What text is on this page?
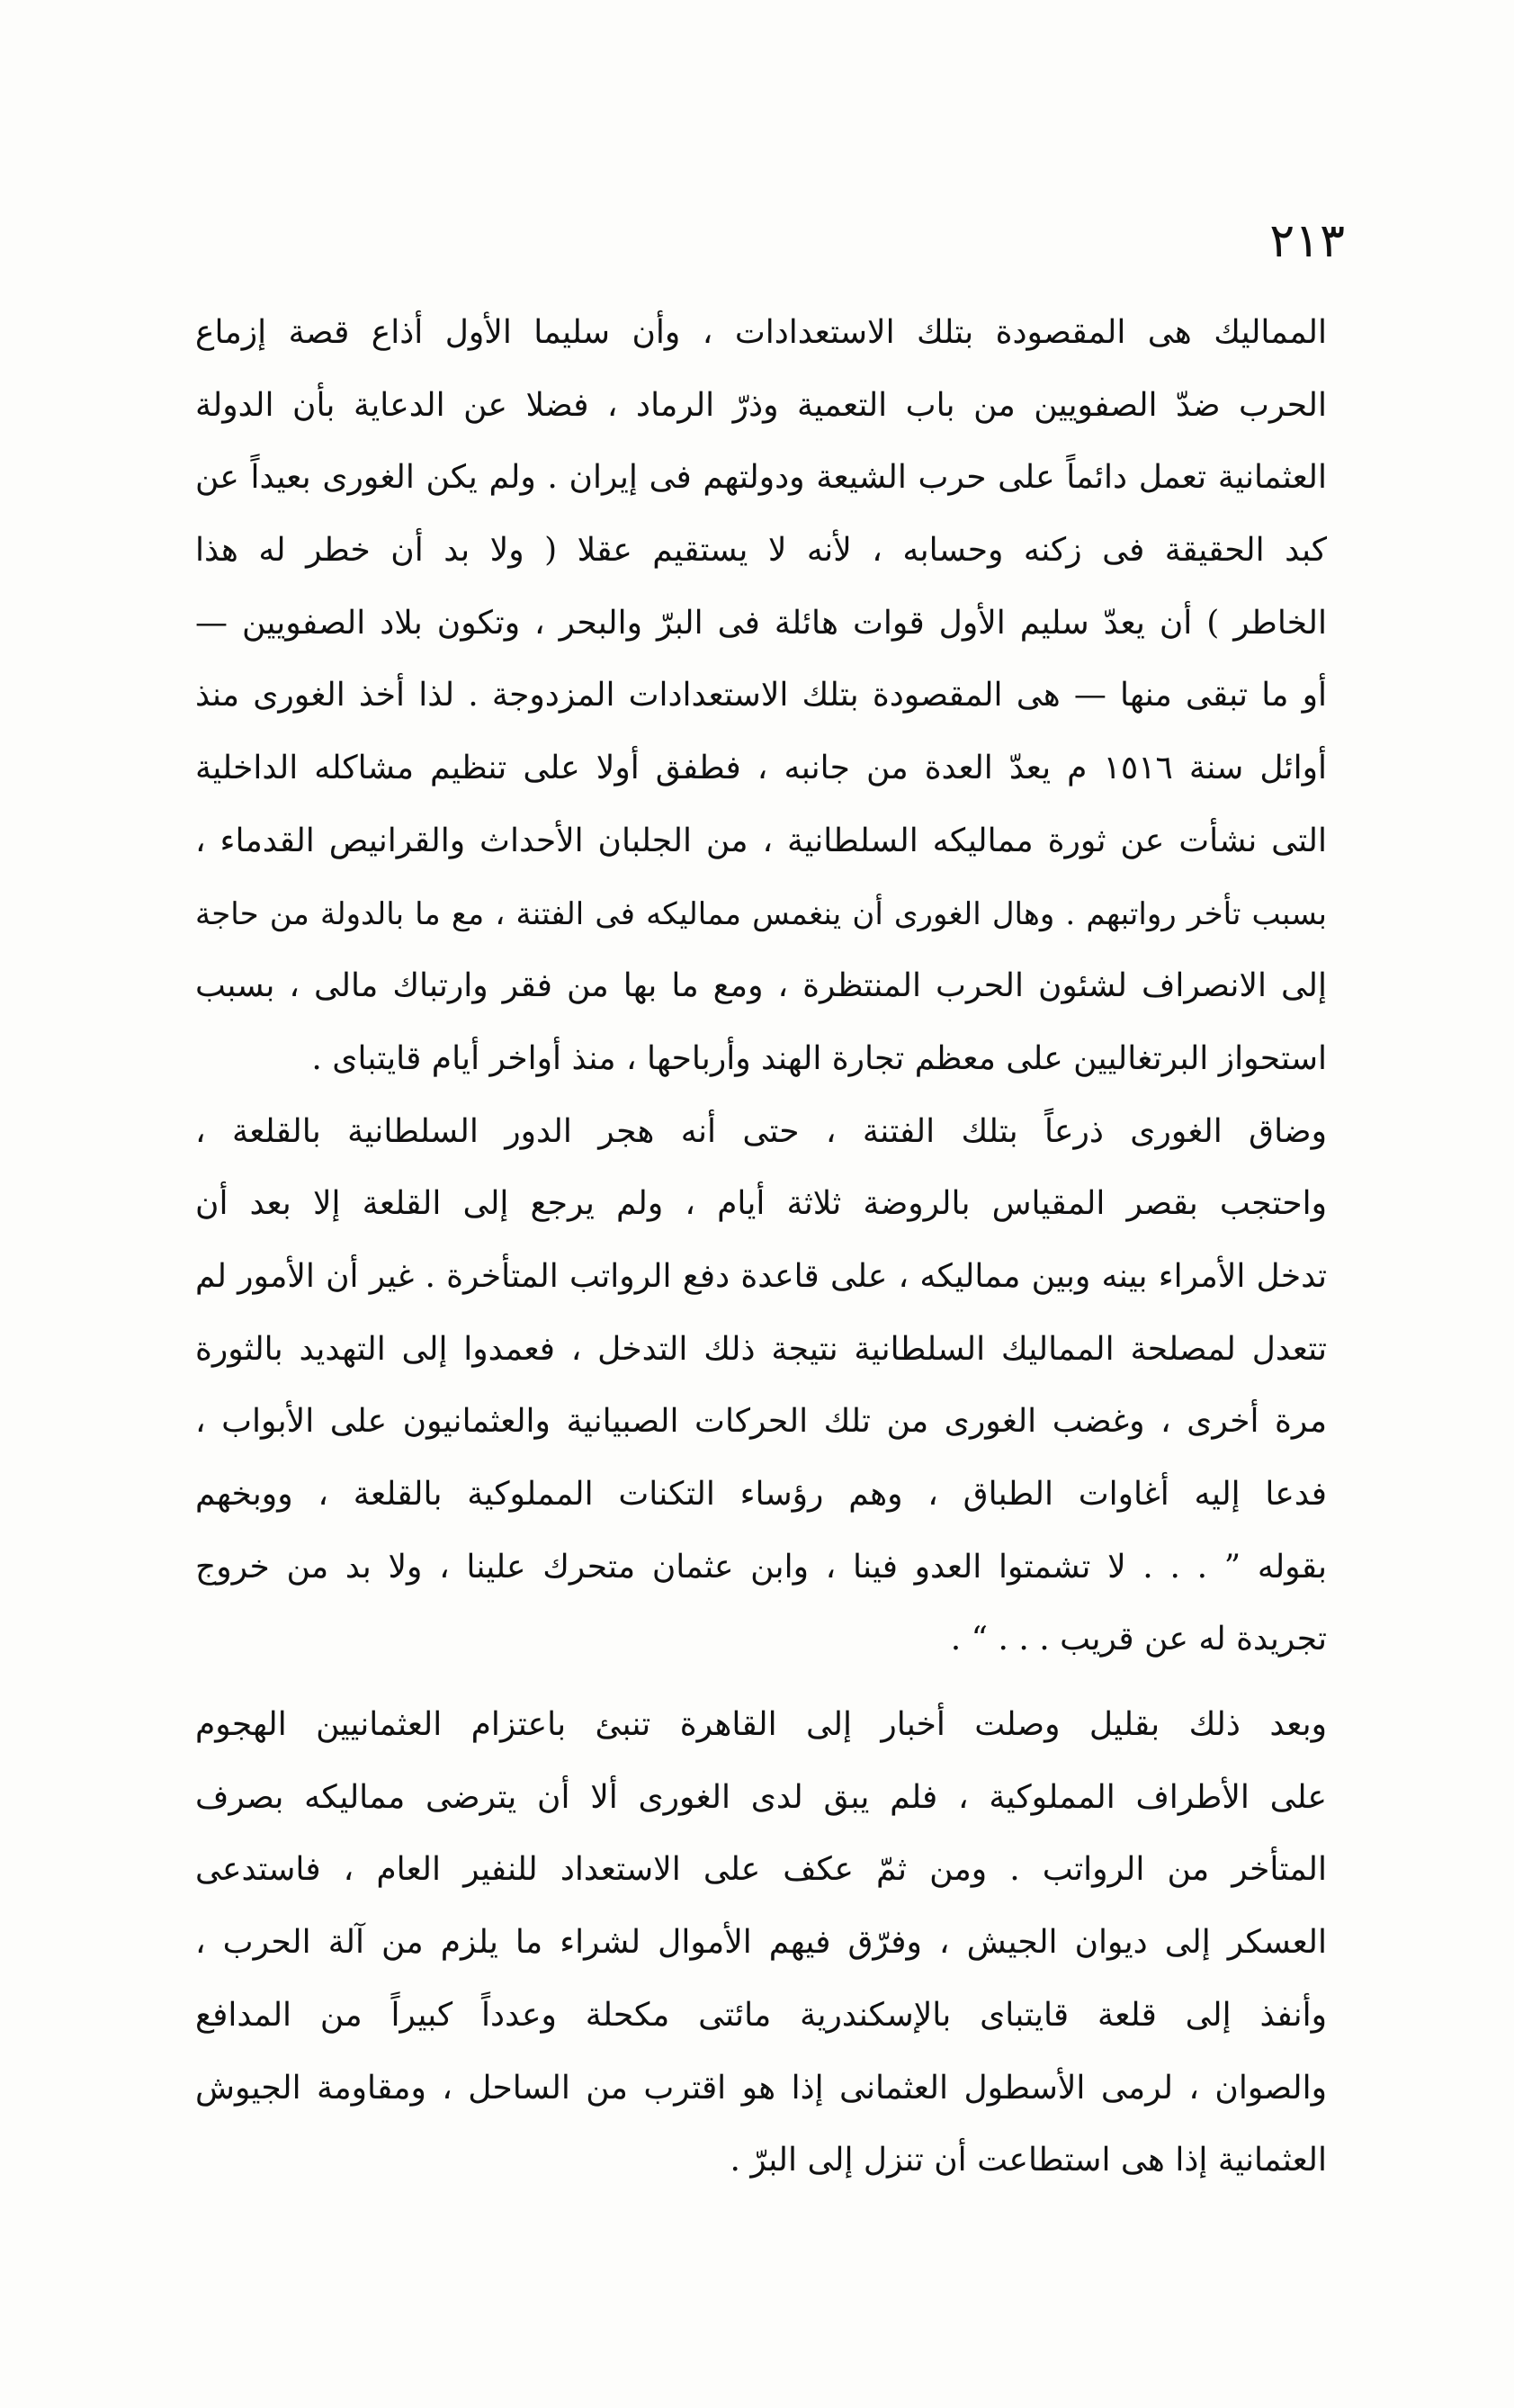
٢١٣
المماليك هى المقصودة بتلك الاستعدادات ، وأن سليما الأول أذاع قصة إزماع
الحرب ضدّ الصفويين من باب التعمية وذرّ الرماد ، فضلا عن الدعاية بأن الدولة
العثمانية تعمل دائماً على حرب الشيعة ودولتهم فى إيران . ولم يكن الغورى بعيداً عن
كبد الحقيقة فى زكنه وحسابه ، لأنه لا يستقيم عقلا ( ولا بد أن خطر له هذا
الخاطر ) أن يعدّ سليم الأول قوات هائلة فى البرّ والبحر ، وتكون بلاد الصفويين —
أو ما تبقى منها — هى المقصودة بتلك الاستعدادات المزدوجة . لذا أخذ الغورى منذ
أوائل سنة ١٥١٦ م يعدّ العدة من جانبه ، فطفق أولا على تنظيم مشاكله الداخلية
التى نشأت عن ثورة مماليكه السلطانية ، من الجلبان الأحداث والقرانيص القدماء ،
بسبب تأخر رواتبهم . وهال الغورى أن ينغمس مماليكه فى الفتنة ، مع ما بالدولة من حاجة
إلى الانصراف لشئون الحرب المنتظرة ، ومع ما بها من فقر وارتباك مالى ، بسبب
استحواز البرتغاليين على معظم تجارة الهند وأرباحها ، منذ أواخر أيام قايتباى .
وضاق الغورى ذرعاً بتلك الفتنة ، حتى أنه هجر الدور السلطانية بالقلعة ،
واحتجب بقصر المقياس بالروضة ثلاثة أيام ، ولم يرجع إلى القلعة إلا بعد أن
تدخل الأمراء بينه وبين مماليكه ، على قاعدة دفع الرواتب المتأخرة . غير أن الأمور لم
تتعدل لمصلحة المماليك السلطانية نتيجة ذلك التدخل ، فعمدوا إلى التهديد بالثورة
مرة أخرى ، وغضب الغورى من تلك الحركات الصبيانية والعثمانيون على الأبواب ،
فدعا إليه أغاوات الطباق ، وهم رؤساء التكنات المملوكية بالقلعة ، ووبخهم
بقوله ” . . . لا تشمتوا العدو فينا ، وابن عثمان متحرك علينا ، ولا بد من خروج
تجريدة له عن قريب . . . “ .
وبعد ذلك بقليل وصلت أخبار إلى القاهرة تنبئ باعتزام العثمانيين الهجوم
على الأطراف المملوكية ، فلم يبق لدى الغورى ألا أن يترضى مماليكه بصرف
المتأخر من الرواتب . ومن ثمّ عكف على الاستعداد للنفير العام ، فاستدعى
العسكر إلى ديوان الجيش ، وفرّق فيهم الأموال لشراء ما يلزم من آلة الحرب ،
وأنفذ إلى قلعة قايتباى بالإسكندرية مائتى مكحلة وعدداً كبيراً من المدافع
والصوان ، لرمى الأسطول العثمانى إذا هو اقترب من الساحل ، ومقاومة الجيوش
العثمانية إذا هى استطاعت أن تنزل إلى البرّ .
